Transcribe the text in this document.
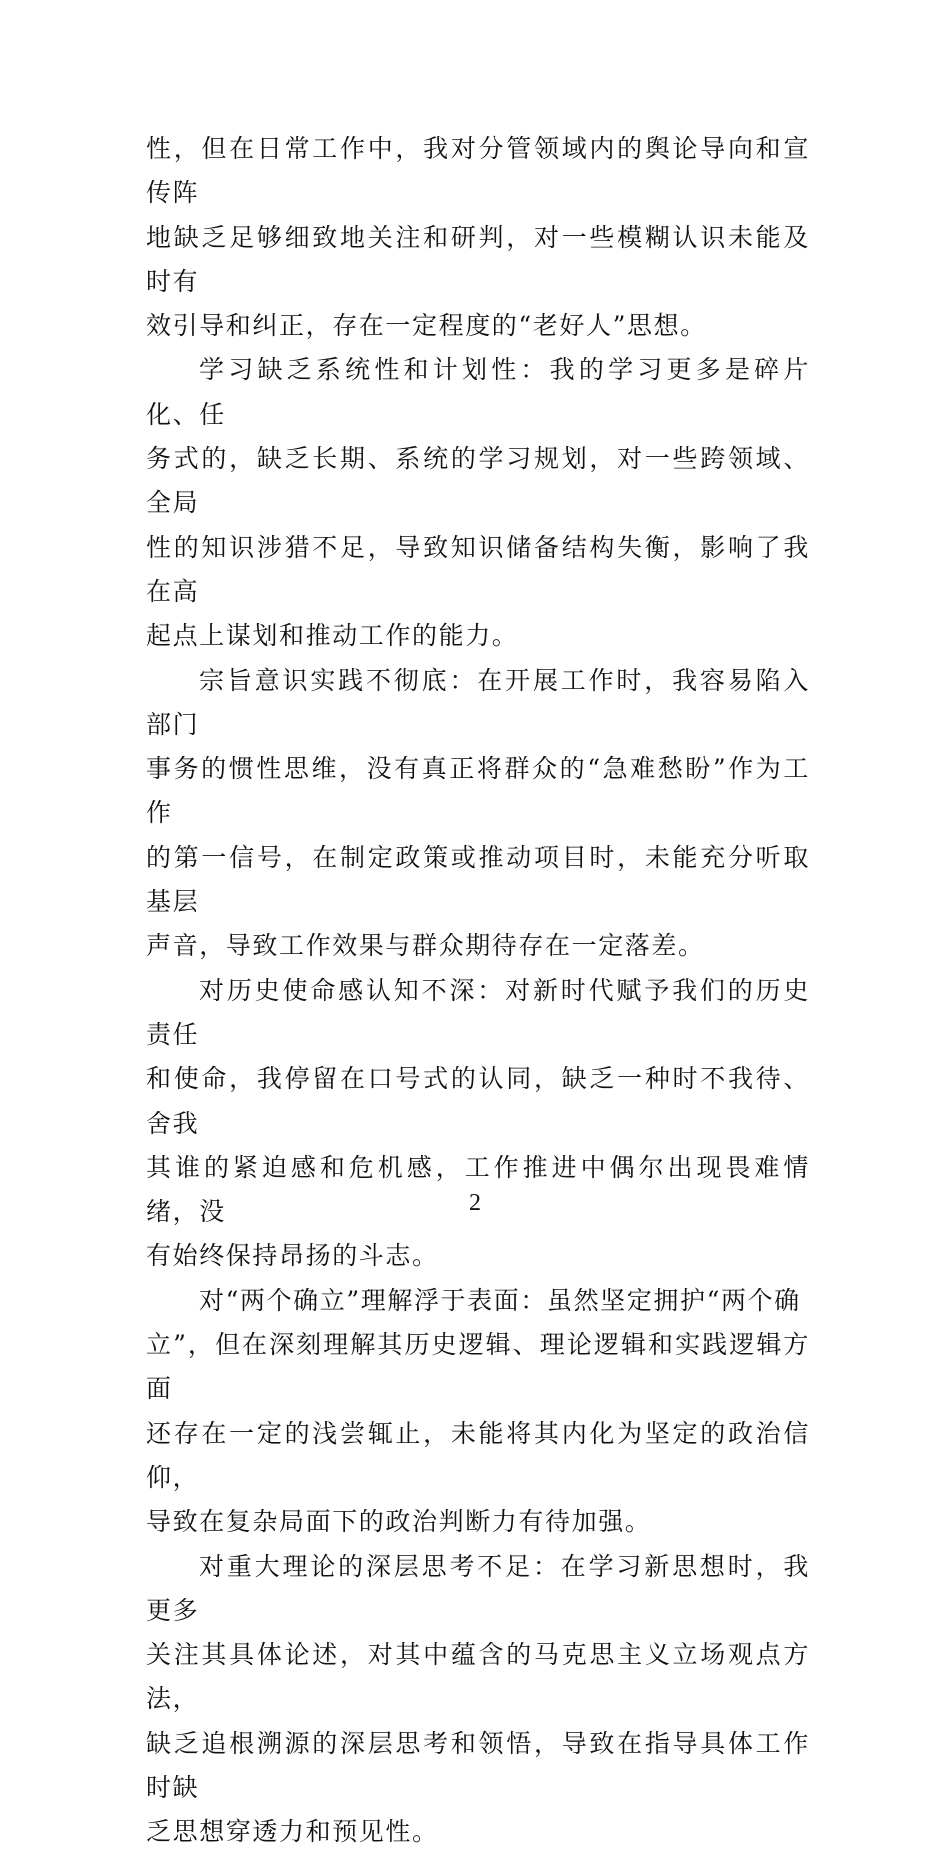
性，但在日常工作中，我对分管领域内的舆论导向和宣传阵
地缺乏足够细致地关注和研判，对一些模糊认识未能及时有
效引导和纠正，存在一定程度的“老好人”思想。

学习缺乏系统性和计划性：我的学习更多是碎片化、任
务式的，缺乏长期、系统的学习规划，对一些跨领域、全局
性的知识涉猎不足，导致知识储备结构失衡，影响了我在高
起点上谋划和推动工作的能力。

宗旨意识实践不彻底：在开展工作时，我容易陷入部门
事务的惯性思维，没有真正将群众的“急难愁盼”作为工作
的第一信号，在制定政策或推动项目时，未能充分听取基层
声音，导致工作效果与群众期待存在一定落差。

对历史使命感认知不深：对新时代赋予我们的历史责任
和使命，我停留在口号式的认同，缺乏一种时不我待、舍我
其谁的紧迫感和危机感，工作推进中偶尔出现畏难情绪，没
有始终保持昂扬的斗志。

对“两个确立”理解浮于表面：虽然坚定拥护“两个确
立”，但在深刻理解其历史逻辑、理论逻辑和实践逻辑方面
还存在一定的浅尝辄止，未能将其内化为坚定的政治信仰，
导致在复杂局面下的政治判断力有待加强。

对重大理论的深层思考不足：在学习新思想时，我更多
关注其具体论述，对其中蕴含的马克思主义立场观点方法，
缺乏追根溯源的深层思考和领悟，导致在指导具体工作时缺
乏思想穿透力和预见性。

2
